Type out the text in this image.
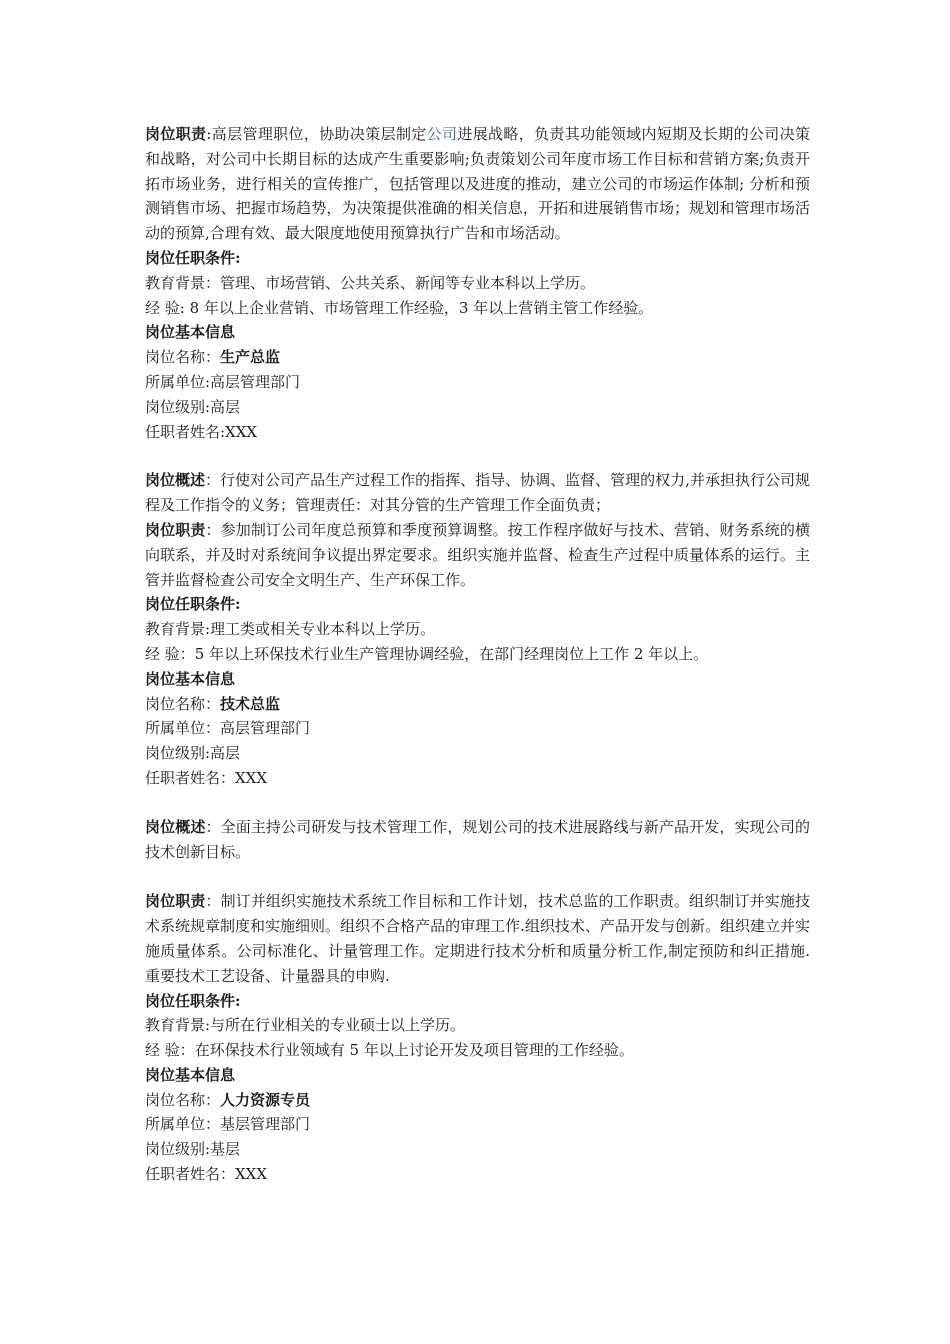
岗位职责:高层管理职位，协助决策层制定公司进展战略，负责其功能领域内短期及长期的公司决策和战略，对公司中长期目标的达成产生重要影响;负责策划公司年度市场工作目标和营销方案;负责开拓市场业务，进行相关的宣传推广，包括管理以及进度的推动，建立公司的市场运作体制; 分析和预测销售市场、把握市场趋势，为决策提供准确的相关信息，开拓和进展销售市场；规划和管理市场活动的预算,合理有效、最大限度地使用预算执行广告和市场活动。
岗位任职条件:
教育背景：管理、市场营销、公共关系、新闻等专业本科以上学历。
经 验: 8 年以上企业营销、市场管理工作经验，3 年以上营销主管工作经验。
岗位基本信息
岗位名称：生产总监
所属单位:高层管理部门
岗位级别:高层
任职者姓名:XXX
岗位概述：行使对公司产品生产过程工作的指挥、指导、协调、监督、管理的权力,并承担执行公司规程及工作指令的义务；管理责任：对其分管的生产管理工作全面负责；
岗位职责：参加制订公司年度总预算和季度预算调整。按工作程序做好与技术、营销、财务系统的横向联系，并及时对系统间争议提出界定要求。组织实施并监督、检查生产过程中质量体系的运行。主管并监督检查公司安全文明生产、生产环保工作。
岗位任职条件:
教育背景:理工类或相关专业本科以上学历。
经 验：5 年以上环保技术行业生产管理协调经验，在部门经理岗位上工作 2 年以上。
岗位基本信息
岗位名称：技术总监
所属单位：高层管理部门
岗位级别:高层
任职者姓名：XXX
岗位概述：全面主持公司研发与技术管理工作，规划公司的技术进展路线与新产品开发，实现公司的技术创新目标。
岗位职责：制订并组织实施技术系统工作目标和工作计划，技术总监的工作职责。组织制订并实施技术系统规章制度和实施细则。组织不合格产品的审理工作.组织技术、产品开发与创新。组织建立并实施质量体系。公司标准化、计量管理工作。定期进行技术分析和质量分析工作,制定预防和纠正措施.重要技术工艺设备、计量器具的申购.
岗位任职条件:
教育背景:与所在行业相关的专业硕士以上学历。
经 验：在环保技术行业领域有 5 年以上讨论开发及项目管理的工作经验。
岗位基本信息
岗位名称：人力资源专员
所属单位：基层管理部门
岗位级别:基层
任职者姓名：XXX
